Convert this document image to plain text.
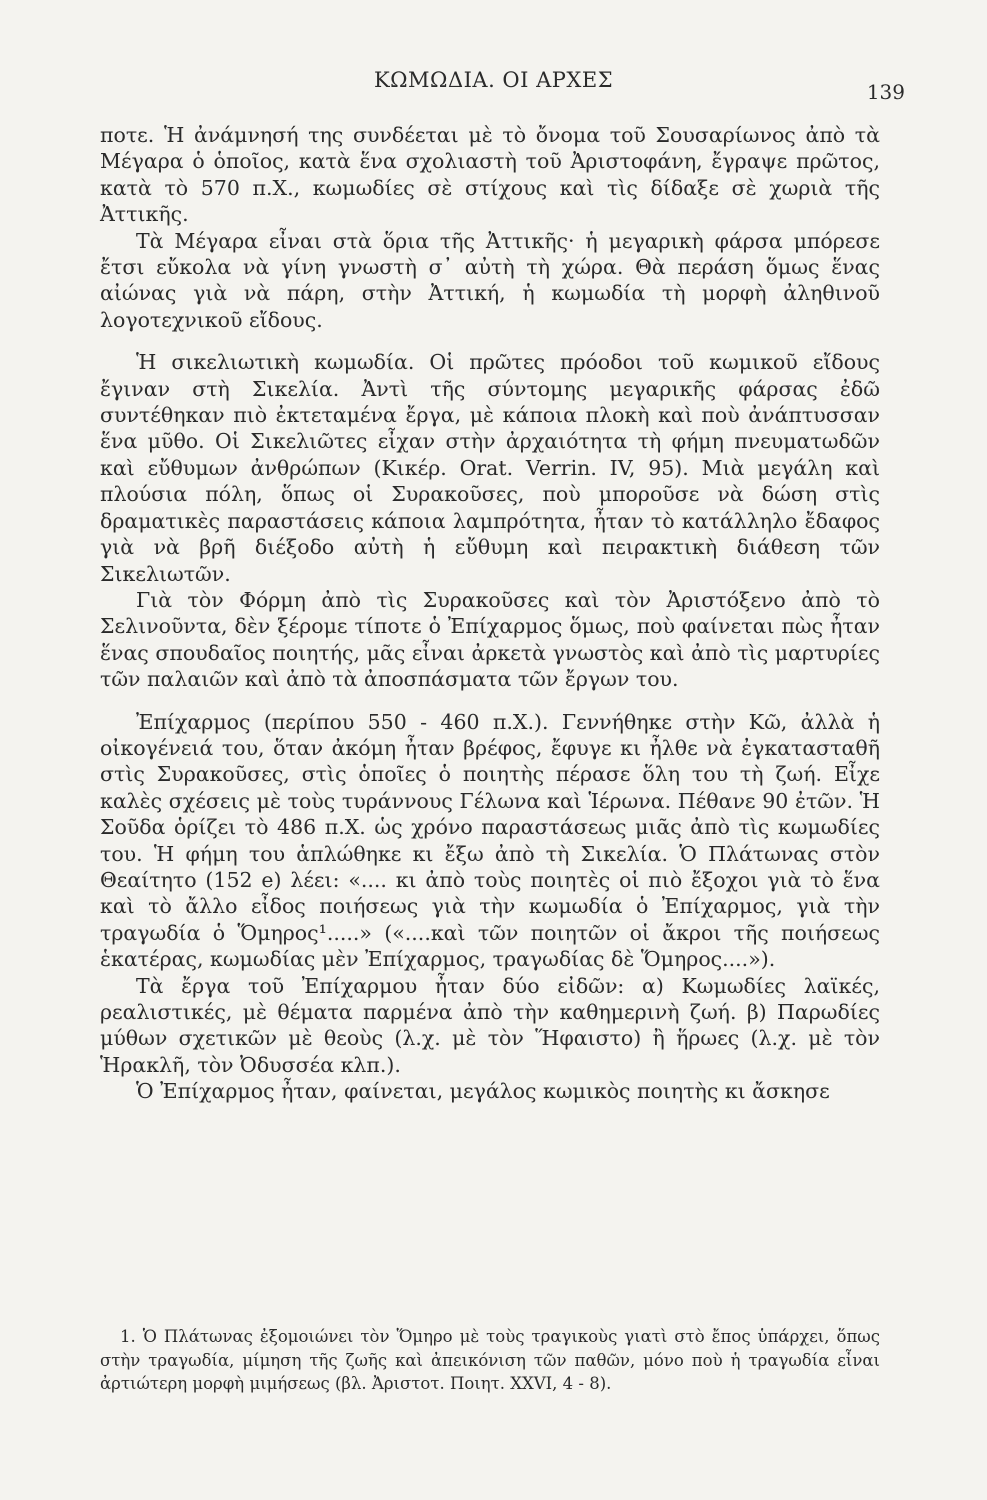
ΚΩΜΩΔΙΑ. ΟΙ ΑΡΧΕΣ	139

ποτε. Ἡ ἀνάμνησή της συνδέεται μὲ τὸ ὄνομα τοῦ Σουσαρίωνος ἀπὸ τὰ Μέγαρα ὁ ὁποῖος, κατὰ ἕνα σχολιαστὴ τοῦ Ἀριστοφάνη, ἔγραψε πρῶτος, κατὰ τὸ 570 π.Χ., κωμωδίες σὲ στίχους καὶ τὶς δίδαξε σὲ χωριὰ τῆς Ἀττικῆς.

Τὰ Μέγαρα εἶναι στὰ ὅρια τῆς Ἀττικῆς· ἡ μεγαρικὴ φάρσα μπόρεσε ἔτσι εὔκολα νὰ γίνη γνωστὴ σ᾽ αὐτὴ τὴ χώρα. Θὰ περάση ὅμως ἕνας αἰώνας γιὰ νὰ πάρη, στὴν Ἀττική, ἡ κωμωδία τὴ μορφὴ ἀληθινοῦ λογοτεχνικοῦ εἴδους.

Ἡ σικελιωτικὴ κωμωδία. Οἱ πρῶτες πρόοδοι τοῦ κωμικοῦ εἴδους ἔγιναν στὴ Σικελία. Ἀντὶ τῆς σύντομης μεγαρικῆς φάρσας ἐδῶ συντέθηκαν πιὸ ἐκτεταμένα ἔργα, μὲ κάποια πλοκὴ καὶ ποὺ ἀνάπτυσσαν ἕνα μῦθο. Οἱ Σικελιῶτες εἶχαν στὴν ἀρχαιότητα τὴ φήμη πνευματωδῶν καὶ εὔθυμων ἀνθρώπων (Κικέρ. Orat. Verrin. IV, 95). Μιὰ μεγάλη καὶ πλούσια πόλη, ὅπως οἱ Συρακοῦσες, ποὺ μποροῦσε νὰ δώση στὶς δραματικὲς παραστάσεις κάποια λαμπρότητα, ἦταν τὸ κατάλληλο ἔδαφος γιὰ νὰ βρῆ διέξοδο αὐτὴ ἡ εὔθυμη καὶ πειρακτικὴ διάθεση τῶν Σικελιωτῶν.

Γιὰ τὸν Φόρμη ἀπὸ τὶς Συρακοῦσες καὶ τὸν Ἀριστόξενο ἀπὸ τὸ Σελινοῦντα, δὲν ξέρομε τίποτε ὁ Ἐπίχαρμος ὅμως, ποὺ φαίνεται πὼς ἦταν ἕνας σπουδαῖος ποιητής, μᾶς εἶναι ἀρκετὰ γνωστὸς καὶ ἀπὸ τὶς μαρτυρίες τῶν παλαιῶν καὶ ἀπὸ τὰ ἀποσπάσματα τῶν ἔργων του.

Ἐπίχαρμος (περίπου 550 - 460 π.Χ.). Γεννήθηκε στὴν Κῶ, ἀλλὰ ἡ οἰκογένειά του, ὅταν ἀκόμη ἦταν βρέφος, ἔφυγε κι ἦλθε νὰ ἐγκατασταθῆ στὶς Συρακοῦσες, στὶς ὁποῖες ὁ ποιητὴς πέρασε ὅλη του τὴ ζωή. Εἶχε καλὲς σχέσεις μὲ τοὺς τυράννους Γέλωνα καὶ Ἱέρωνα. Πέθανε 90 ἐτῶν. Ἡ Σοῦδα ὁρίζει τὸ 486 π.Χ. ὡς χρόνο παραστάσεως μιᾶς ἀπὸ τὶς κωμωδίες του. Ἡ φήμη του ἁπλώθηκε κι ἔξω ἀπὸ τὴ Σικελία. Ὁ Πλάτωνας στὸν Θεαίτητο (152 e) λέει: «.... κι ἀπὸ τοὺς ποιητὲς οἱ πιὸ ἔξοχοι γιὰ τὸ ἕνα καὶ τὸ ἄλλο εἶδος ποιήσεως γιὰ τὴν κωμωδία ὁ Ἐπίχαρμος, γιὰ τὴν τραγωδία ὁ Ὅμηρος¹.....» («....καὶ τῶν ποιητῶν οἱ ἄκροι τῆς ποιήσεως ἑκατέρας, κωμωδίας μὲν Ἐπίχαρμος, τραγωδίας δὲ Ὅμηρος....»).

Τὰ ἔργα τοῦ Ἐπίχαρμου ἦταν δύο εἰδῶν: α) Κωμωδίες λαϊκές, ρεαλιστικές, μὲ θέματα παρμένα ἀπὸ τὴν καθημερινὴ ζωή. β) Παρωδίες μύθων σχετικῶν μὲ θεοὺς (λ.χ. μὲ τὸν Ἥφαιστο) ἢ ἥρωες (λ.χ. μὲ τὸν Ἡρακλῆ, τὸν Ὀδυσσέα κλπ.).

Ὁ Ἐπίχαρμος ἦταν, φαίνεται, μεγάλος κωμικὸς ποιητὴς κι ἄσκησε

1. Ὁ Πλάτωνας ἐξομοιώνει τὸν Ὅμηρο μὲ τοὺς τραγικοὺς γιατὶ στὸ ἔπος ὑπάρχει, ὅπως στὴν τραγωδία, μίμηση τῆς ζωῆς καὶ ἀπεικόνιση τῶν παθῶν, μόνο ποὺ ἡ τραγωδία εἶναι ἀρτιώτερη μορφὴ μιμήσεως (βλ. Ἀριστοτ. Ποιητ. XXVI, 4 - 8).
